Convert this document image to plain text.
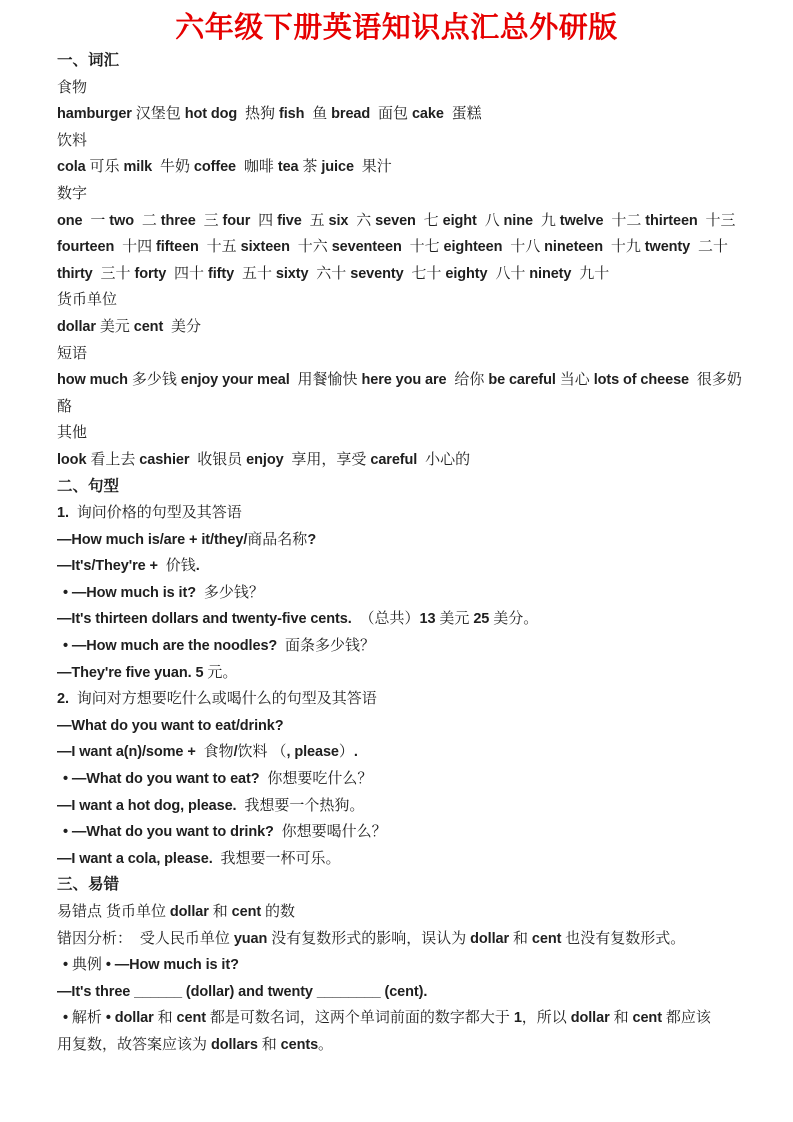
六年级下册英语知识点汇总外研版

一、词汇

食物

hamburger 汉堡包 hot dog  热狗 fish  鱼 bread  面包 cake  蛋糕

饮料

cola 可乐 milk  牛奶 coffee  咖啡 tea 茶 juice  果汁

数字

one  一 two  二 three  三 four  四 five  五 six  六 seven  七 eight  八 nine  九 twelve  十二 thirteen  十三

fourteen  十四 fifteen  十五 sixteen  十六 seventeen  十七 eighteen  十八 nineteen  十九 twenty  二十

thirty  三十 forty  四十 fifty  五十 sixty  六十 seventy  七十 eighty  八十 ninety  九十

货币单位

dollar 美元 cent  美分

短语

how much 多少钱 enjoy your meal  用餐愉快 here you are  给你 be careful 当心 lots of cheese  很多奶

酪

其他

look 看上去 cashier  收银员 enjoy  享用，享受 careful  小心的

二、句型

1.  询问价格的句型及其答语

—How much is/are + it/they/商品名称?

—It's/They're +  价钱.

• —How much is it?  多少钱？

—It's thirteen dollars and twenty-five cents.  （总共）13 美元 25 美分。

• —How much are the noodles?  面条多少钱？

—They're five yuan. 5 元。

2.  询问对方想要吃什么或喝什么的句型及其答语

—What do you want to eat/drink?

—I want a(n)/some +  食物/饮料 （, please）.

• —What do you want to eat?  你想要吃什么？

—I want a hot dog, please.  我想要一个热狗。

• —What do you want to drink?  你想要喝什么？

—I want a cola, please.  我想要一杯可乐。

三、易错

易错点 货币单位 dollar 和 cent 的数

错因分析： 受人民币单位 yuan 没有复数形式的影响，误认为 dollar 和 cent 也没有复数形式。

• 典例 • —How much is it?

—It's three ______ (dollar) and twenty ________ (cent).

• 解析 • dollar 和 cent 都是可数名词，这两个单词前面的数字都大于 1，所以 dollar 和 cent 都应该

用复数，故答案应该为 dollars 和 cents。
